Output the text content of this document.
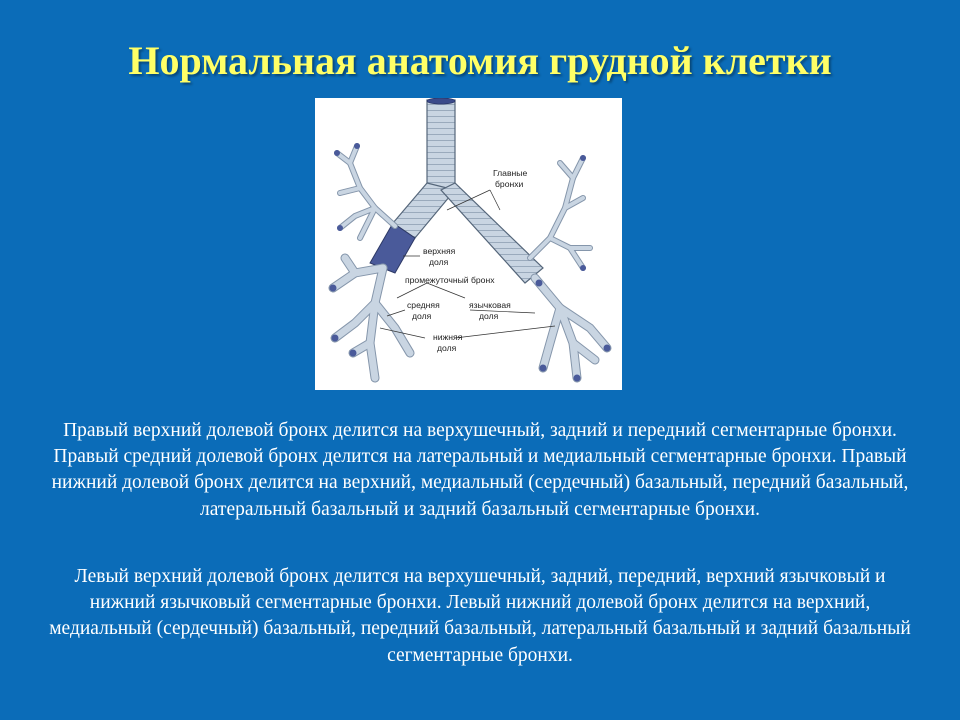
Нормальная анатомия грудной клетки
Главные
бронхи
верхняя
доля
промежуточный бронх
средняя
доля
язычковая
доля
нижняя
доля
Правый верхний долевой бронх делится на верхушечный, задний и передний сегментарные бронхи. Правый средний долевой бронх делится на латеральный и медиальный сегментарные бронхи. Правый нижний долевой бронх делится на верхний, медиальный (сердечный) базальный, передний базальный, латеральный базальный и задний базальный сегментарные бронхи.
Левый верхний долевой бронх делится на верхушечный, задний, передний, верхний язычковый и нижний язычковый сегментарные бронхи. Левый нижний долевой бронх делится на верхний, медиальный (сердечный) базальный, передний базальный, латеральный базальный и задний базальный сегментарные бронхи.
